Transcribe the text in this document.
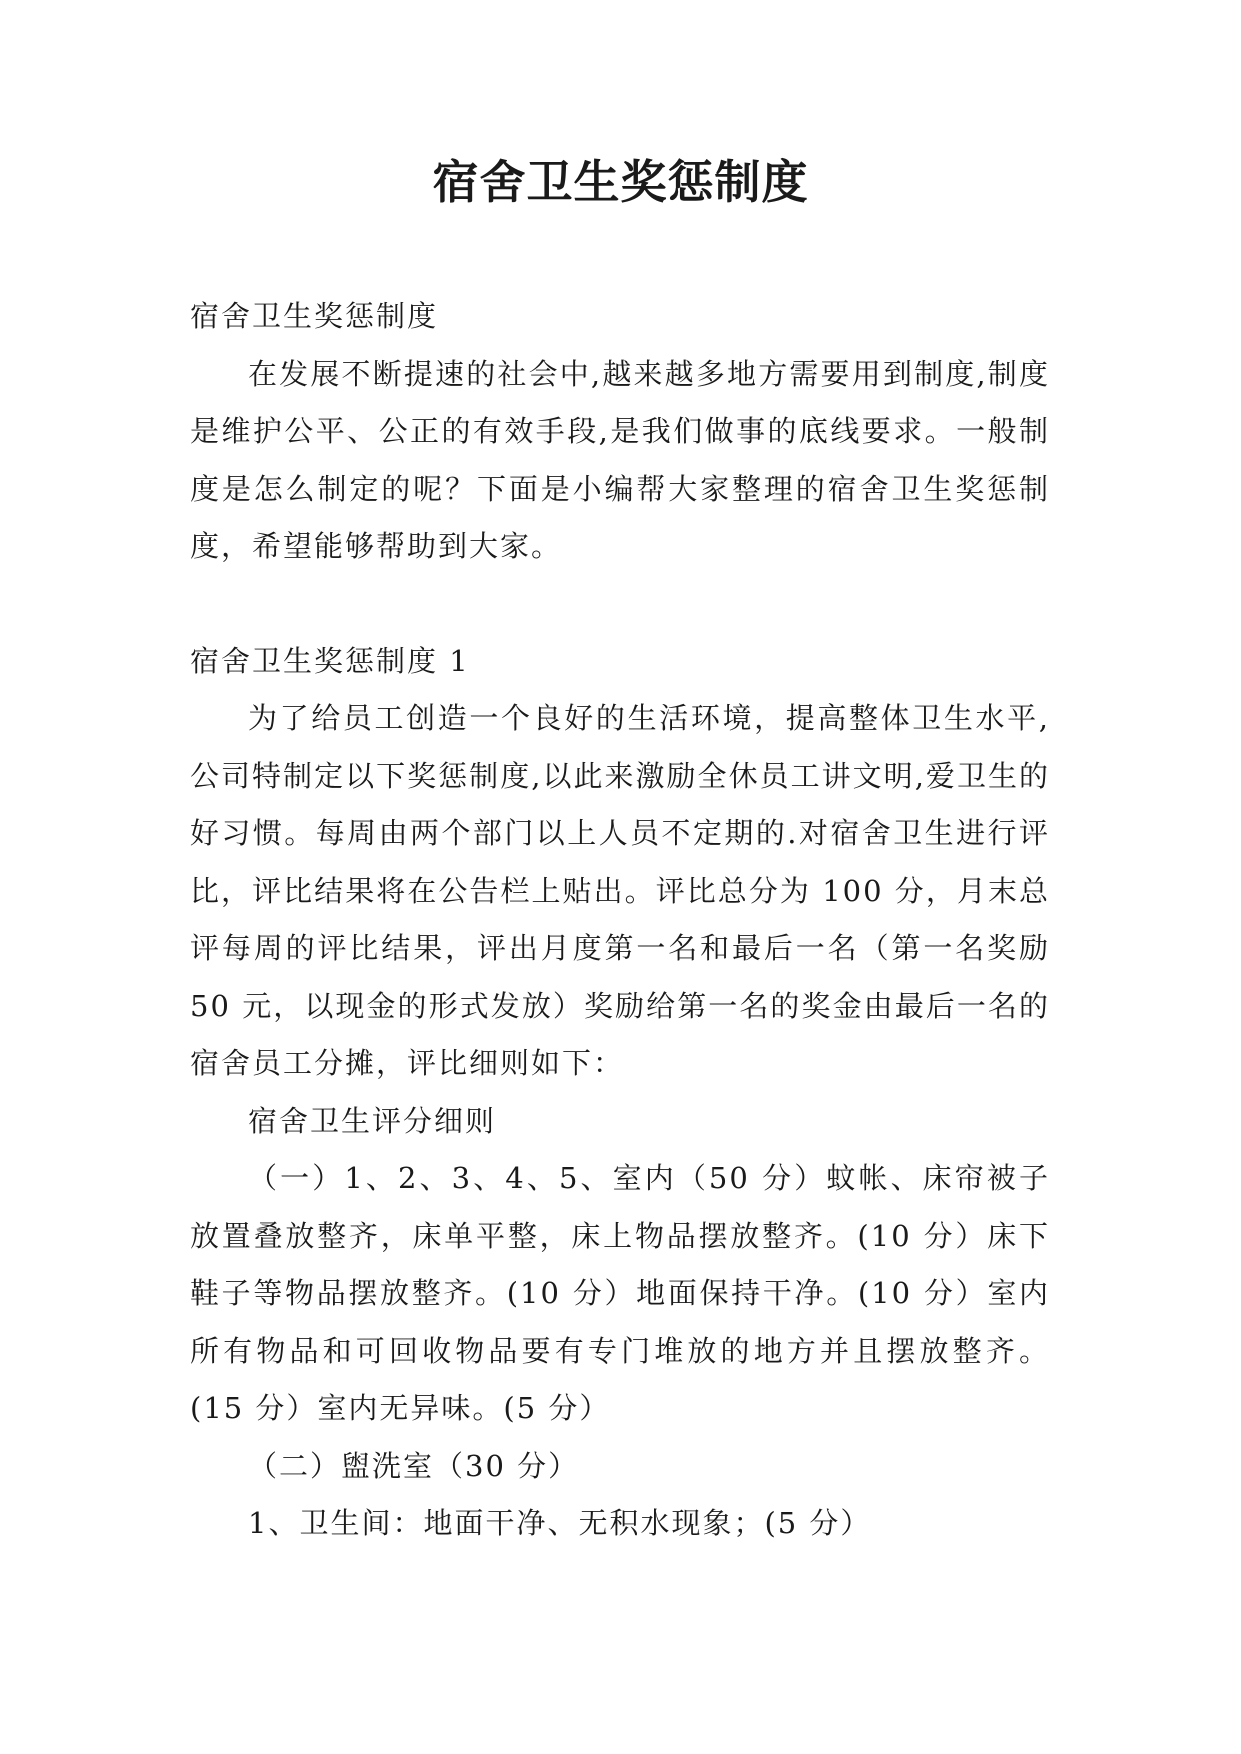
宿舍卫生奖惩制度

宿舍卫生奖惩制度

在发展不断提速的社会中,越来越多地方需要用到制度,制度是维护公平、公正的有效手段,是我们做事的底线要求。一般制度是怎么制定的呢？下面是小编帮大家整理的宿舍卫生奖惩制度，希望能够帮助到大家。

宿舍卫生奖惩制度 1

为了给员工创造一个良好的生活环境，提高整体卫生水平,公司特制定以下奖惩制度,以此来激励全休员工讲文明,爱卫生的好习惯。每周由两个部门以上人员不定期的.对宿舍卫生进行评比，评比结果将在公告栏上贴出。评比总分为 100 分，月末总评每周的评比结果，评出月度第一名和最后一名（第一名奖励 50 元，以现金的形式发放）奖励给第一名的奖金由最后一名的宿舍员工分摊，评比细则如下：

宿舍卫生评分细则

（一）1、2、3、4、5、室内（50 分）蚊帐、床帘被子放置叠放整齐，床单平整，床上物品摆放整齐。(10 分）床下鞋子等物品摆放整齐。(10 分）地面保持干净。(10 分）室内所有物品和可回收物品要有专门堆放的地方并且摆放整齐。(15 分）室内无异味。(5 分）

（二）盥洗室（30 分）

1、卫生间：地面干净、无积水现象；(5 分）
